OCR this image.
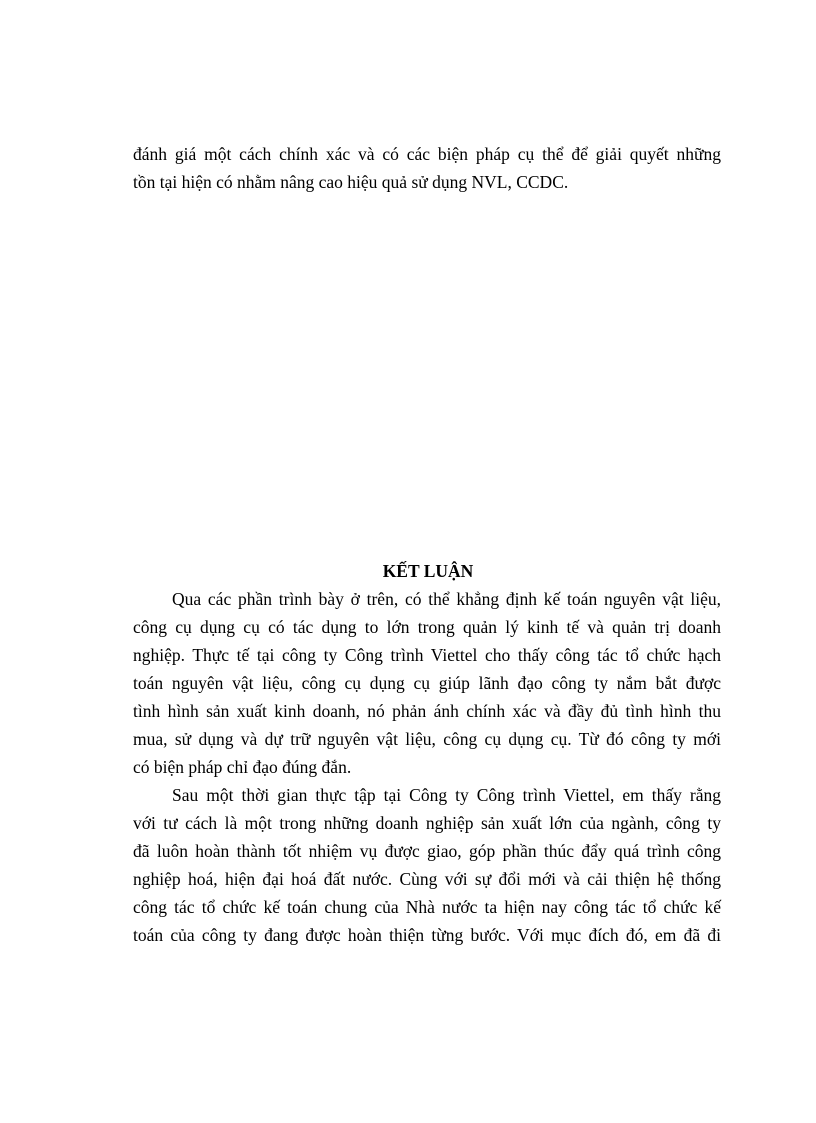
đánh giá một cách chính xác và có các biện pháp cụ thể để giải quyết những
tồn tại hiện có nhằm nâng cao hiệu quả sử dụng NVL, CCDC.
KẾT LUẬN
Qua các phần trình bày ở trên, có thể khẳng định kế toán nguyên vật liệu,
công cụ dụng cụ có tác dụng to lớn trong quản lý kinh tế và quản trị doanh
nghiệp. Thực tế tại công ty Công trình Viettel cho thấy công tác tổ chức hạch
toán nguyên vật liệu, công cụ dụng cụ giúp lãnh đạo công ty nắm bắt được
tình hình sản xuất kinh doanh, nó phản ánh chính xác và đầy đủ tình hình thu
mua, sử dụng và dự trữ nguyên vật liệu, công cụ dụng cụ. Từ đó công ty mới
có biện pháp chỉ đạo đúng đắn.
Sau một thời gian thực tập tại Công ty Công trình Viettel, em thấy rằng
với tư cách là một trong những doanh nghiệp sản xuất lớn của ngành, công ty
đã luôn hoàn thành tốt nhiệm vụ được giao, góp phần thúc đẩy quá trình công
nghiệp hoá, hiện đại hoá đất nước. Cùng với sự đổi mới và cải thiện hệ thống
công tác tổ chức kế toán chung của Nhà nước ta hiện nay công tác tổ chức kế
toán của công ty đang được hoàn thiện từng bước. Với mục đích đó, em đã đi
